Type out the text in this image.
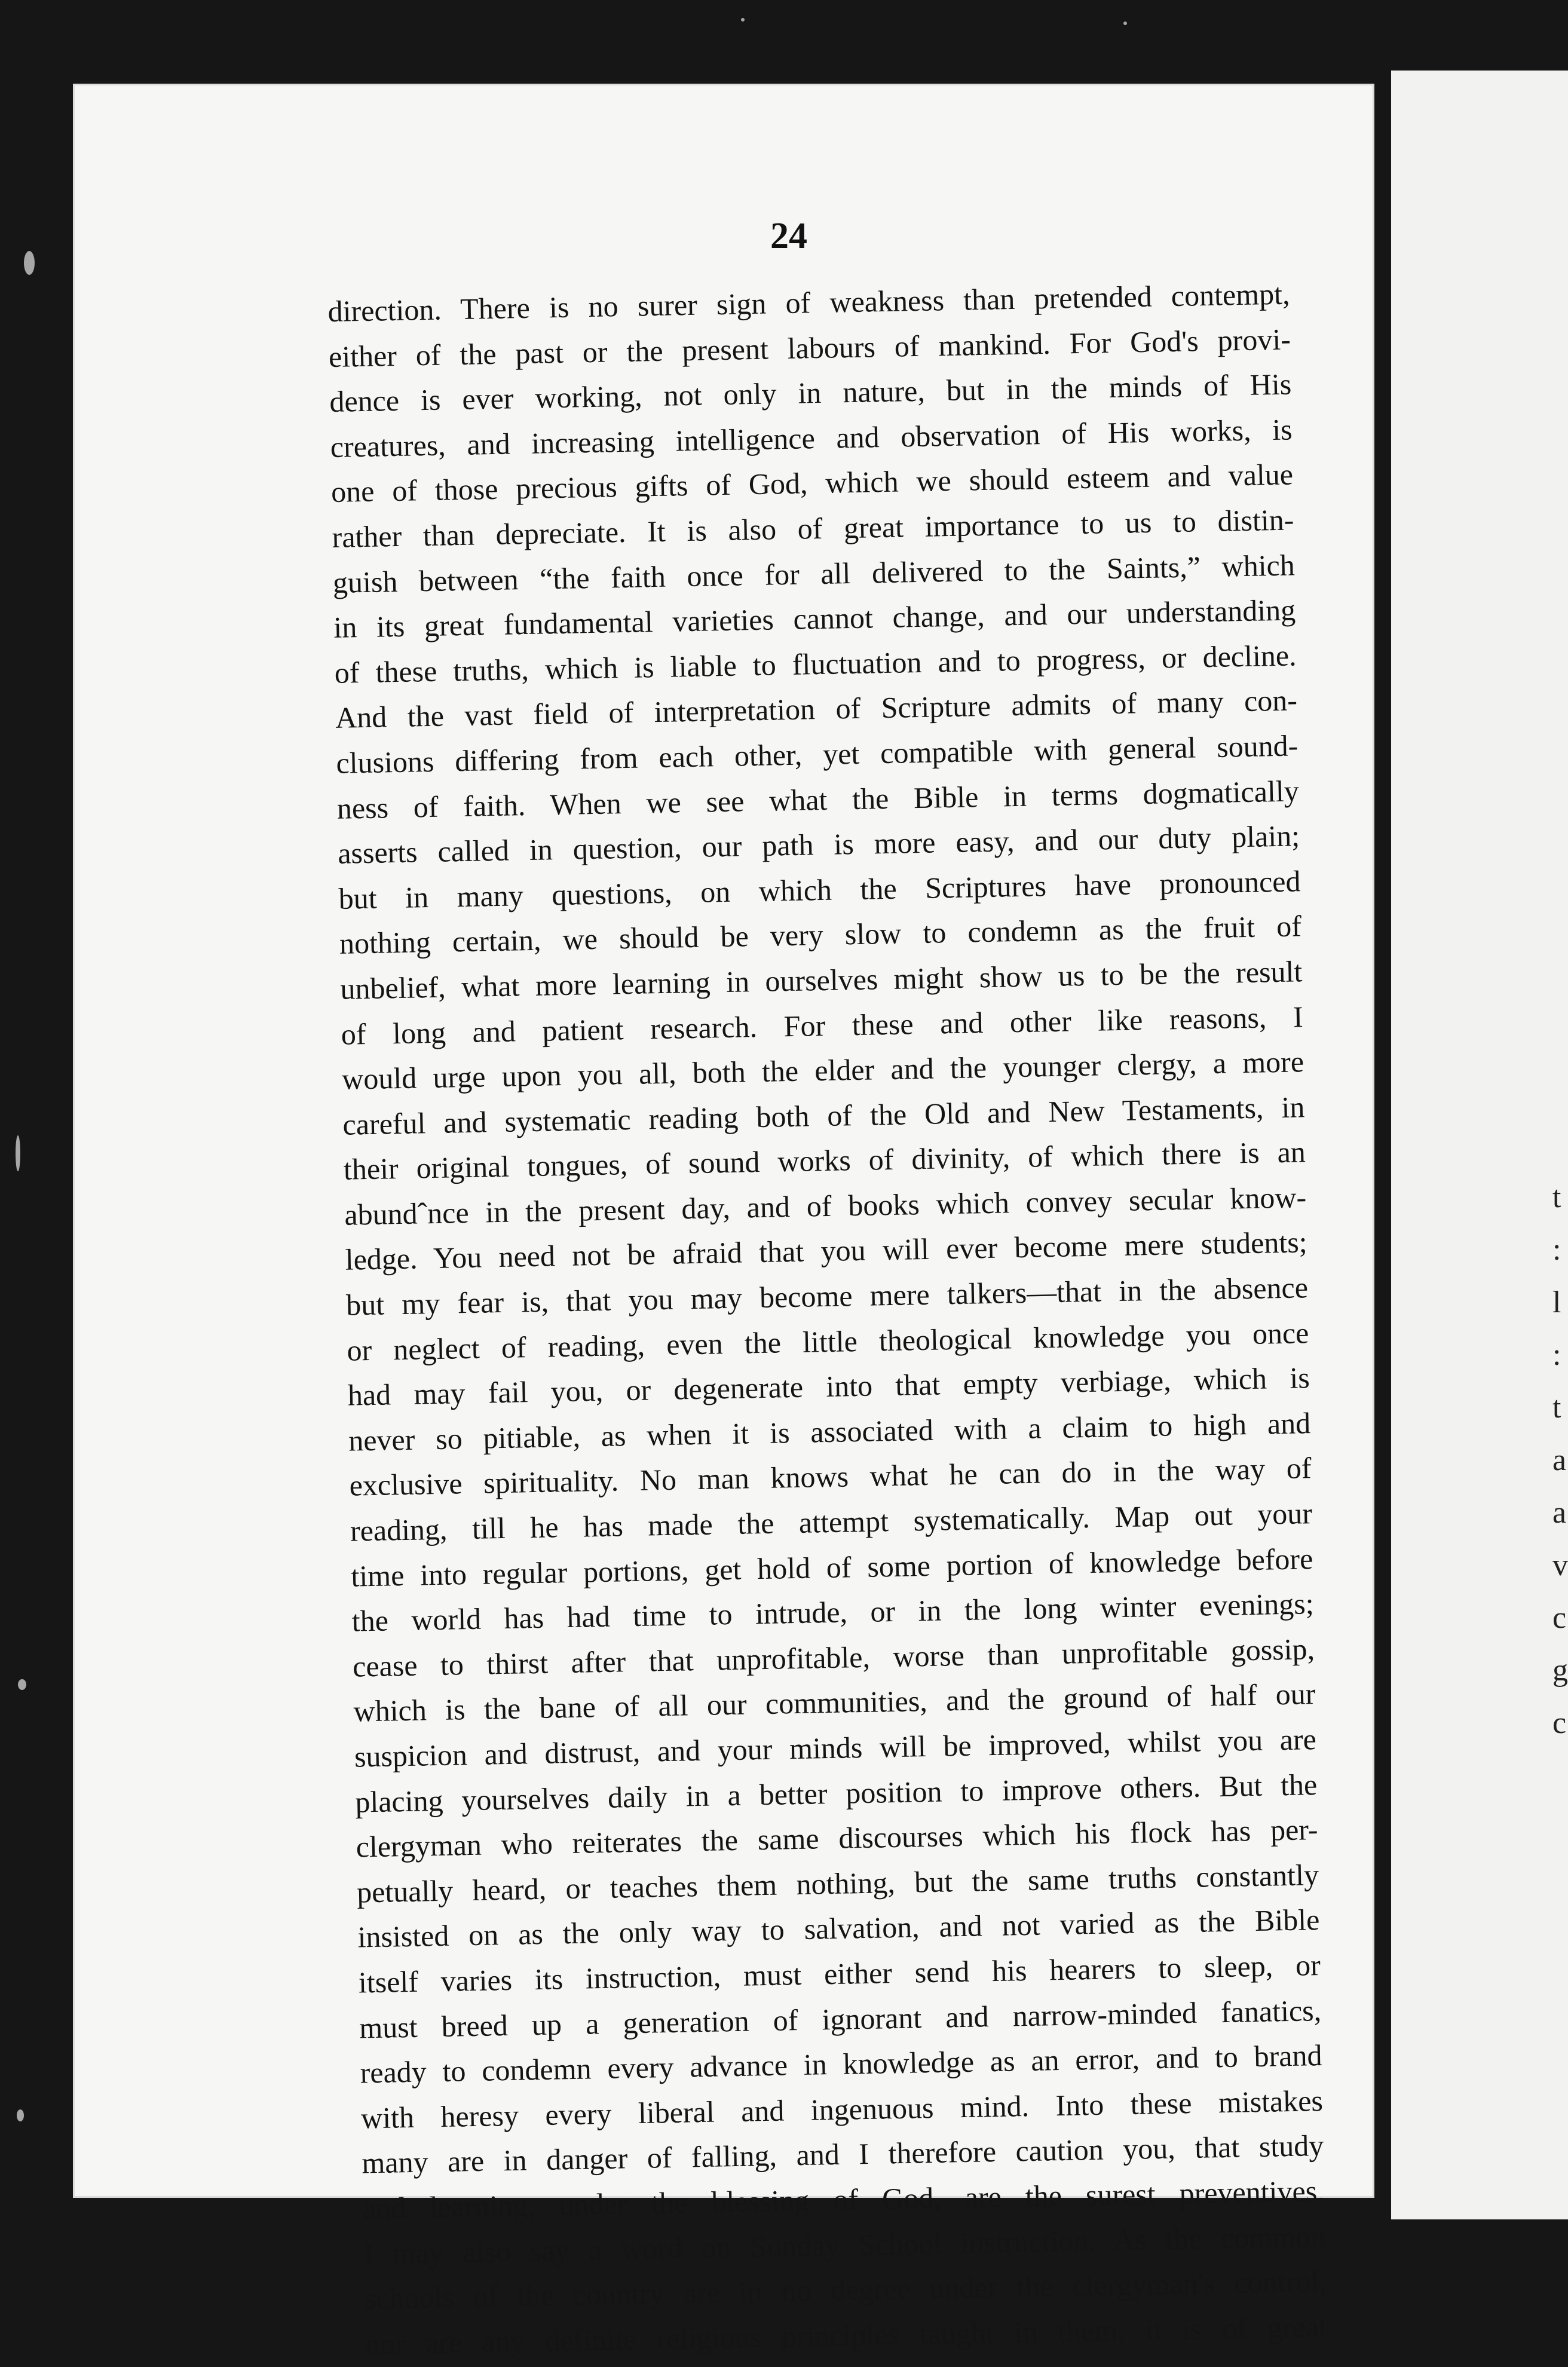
t
:
l
:
t
a
a
v
c
g
c
24
direction. There is no surer sign of weakness than pretended contempt,
either of the past or the present labours of mankind. For God's provi-
dence is ever working, not only in nature, but in the minds of His
creatures, and increasing intelligence and observation of His works, is
one of those precious gifts of God, which we should esteem and value
rather than depreciate. It is also of great importance to us to distin-
guish between “the faith once for all delivered to the Saints,” which
in its great fundamental varieties cannot change, and our understanding
of these truths, which is liable to fluctuation and to progress, or decline.
And the vast field of interpretation of Scripture admits of many con-
clusions differing from each other, yet compatible with general sound-
ness of faith. When we see what the Bible in terms dogmatically
asserts called in question, our path is more easy, and our duty plain;
but in many questions, on which the Scriptures have pronounced
nothing certain, we should be very slow to condemn as the fruit of
unbelief, what more learning in ourselves might show us to be the result
of long and patient research. For these and other like reasons, I
would urge upon you all, both the elder and the younger clergy, a more
careful and systematic reading both of the Old and New Testaments, in
their original tongues, of sound works of divinity, of which there is an
abundˆnce in the present day, and of books which convey secular know-
ledge. You need not be afraid that you will ever become mere students;
but my fear is, that you may become mere talkers—that in the absence
or neglect of reading, even the little theological knowledge you once
had may fail you, or degenerate into that empty verbiage, which is
never so pitiable, as when it is associated with a claim to high and
exclusive spirituality. No man knows what he can do in the way of
reading, till he has made the attempt systematically. Map out your
time into regular portions, get hold of some portion of knowledge before
the world has had time to intrude, or in the long winter evenings;
cease to thirst after that unprofitable, worse than unprofitable gossip,
which is the bane of all our communities, and the ground of half our
suspicion and distrust, and your minds will be improved, whilst you are
placing yourselves daily in a better position to improve others. But the
clergyman who reiterates the same discourses which his flock has per-
petually heard, or teaches them nothing, but the same truths constantly
insisted on as the only way to salvation, and not varied as the Bible
itself varies its instruction, must either send his hearers to sleep, or
must breed up a generation of ignorant and narrow-minded fanatics,
ready to condemn every advance in knowledge as an error, and to brand
with heresy every liberal and ingenuous mind. Into these mistakes
many are in danger of falling, and I therefore caution you, that study
and learning, under the blessing of God, are the surest preventives.
I may also say a word on Sunday School instruction. As the common
schools of the country are in no degree under the clergyman's control,
nor are any definite religious principles taught in them, it is of great
